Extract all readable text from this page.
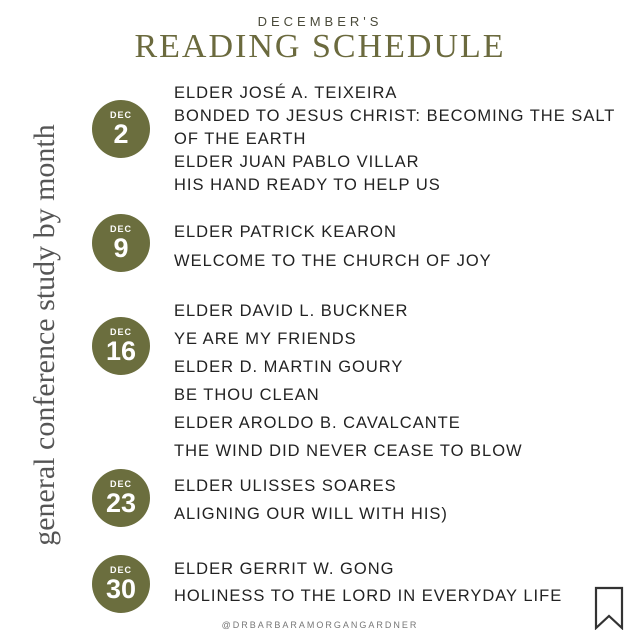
DECEMBER'S
READING SCHEDULE
general conference study by month
DEC
2
ELDER JOSÉ A. TEIXEIRA
BONDED TO JESUS CHRIST: BECOMING THE SALT
OF THE EARTH
ELDER JUAN PABLO VILLAR
HIS HAND READY TO HELP US
DEC
9
ELDER PATRICK KEARON
WELCOME TO THE CHURCH OF JOY
DEC
16
ELDER DAVID L. BUCKNER
YE ARE MY FRIENDS
ELDER D. MARTIN GOURY
BE THOU CLEAN
ELDER AROLDO B. CAVALCANTE
THE WIND DID NEVER CEASE TO BLOW
DEC
23
ELDER ULISSES SOARES
ALIGNING OUR WILL WITH HIS)
DEC
30
ELDER GERRIT W. GONG
HOLINESS TO THE LORD IN EVERYDAY LIFE
@DRBARBARAMORGANGARDNER
